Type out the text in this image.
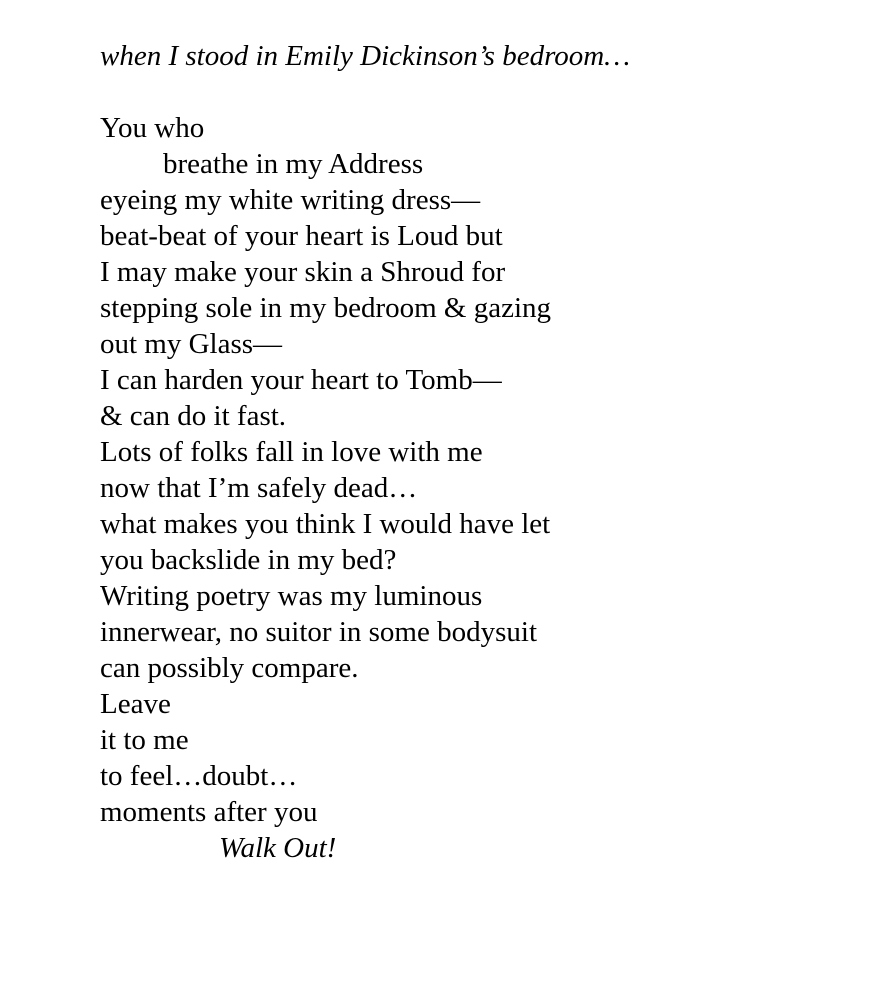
when I stood in Emily Dickinson’s bedroom…
You who
breathe in my Address
eyeing my white writing dress—
beat-beat of your heart is Loud but
I may make your skin a Shroud for
stepping sole in my bedroom & gazing
out my Glass—
I can harden your heart to Tomb—
& can do it fast.
Lots of folks fall in love with me
now that I’m safely dead…
what makes you think I would have let
you backslide in my bed?
Writing poetry was my luminous
innerwear, no suitor in some bodysuit
can possibly compare.
Leave
it to me
to feel…doubt…
moments after you
Walk Out!
